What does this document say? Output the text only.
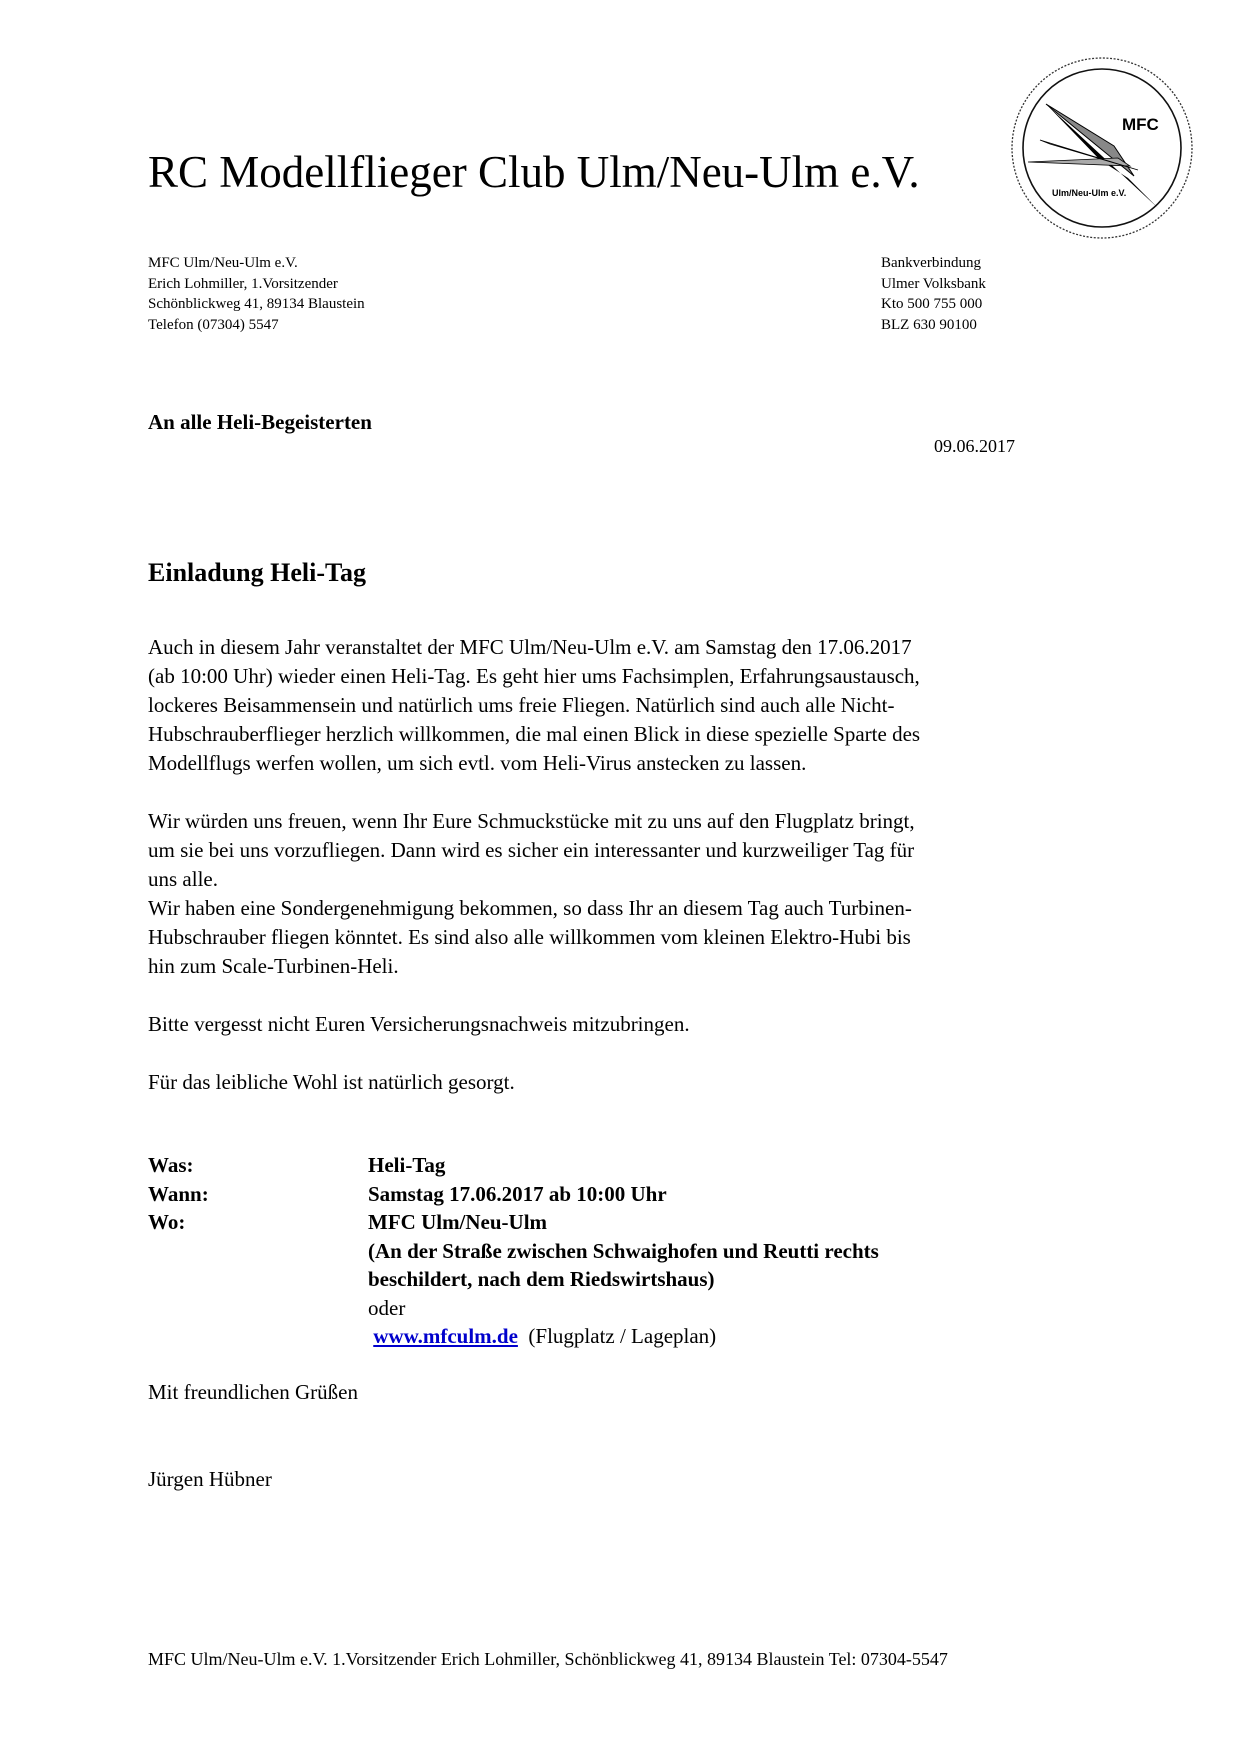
RC Modellflieger Club Ulm/Neu-Ulm e.V.
MFC
Ulm/Neu-Ulm e.V.
MFC Ulm/Neu-Ulm e.V.
Erich Lohmiller, 1.Vorsitzender
Schönblickweg 41, 89134 Blaustein
Telefon (07304) 5547
Bankverbindung
Ulmer Volksbank
Kto 500 755 000
BLZ 630 90100
An alle Heli-Begeisterten
09.06.2017
Einladung Heli-Tag

Auch in diesem Jahr veranstaltet der MFC Ulm/Neu-Ulm e.V. am Samstag den 17.06.2017
(ab 10:00 Uhr) wieder einen Heli-Tag. Es geht hier ums Fachsimplen, Erfahrungsaustausch,
lockeres Beisammensein und natürlich ums freie Fliegen. Natürlich sind auch alle Nicht-
Hubschrauberflieger herzlich willkommen, die mal einen Blick in diese spezielle Sparte des
Modellflugs werfen wollen, um sich evtl. vom Heli-Virus anstecken zu lassen.

Wir würden uns freuen, wenn Ihr Eure Schmuckstücke mit zu uns auf den Flugplatz bringt,
um sie bei uns vorzufliegen. Dann wird es sicher ein interessanter und kurzweiliger Tag für
uns alle.

Wir haben eine Sondergenehmigung bekommen, so dass Ihr an diesem Tag auch Turbinen-
Hubschrauber fliegen könntet. Es sind also alle willkommen vom kleinen Elektro-Hubi bis
hin zum Scale-Turbinen-Heli.

Bitte vergesst nicht Euren Versicherungsnachweis mitzubringen.

Für das leibliche Wohl ist natürlich gesorgt.

Was:	Heli-Tag
Wann:	Samstag 17.06.2017 ab 10:00 Uhr
Wo:	MFC Ulm/Neu-Ulm
(An der Straße zwischen Schwaighofen und Reutti rechts
beschildert, nach dem Riedswirtshaus)
oder
www.mfculm.de (Flugplatz / Lageplan)
Mit freundlichen Grüßen
Jürgen Hübner
MFC Ulm/Neu-Ulm e.V. 1.Vorsitzender Erich Lohmiller, Schönblickweg 41, 89134 Blaustein Tel: 07304-5547
